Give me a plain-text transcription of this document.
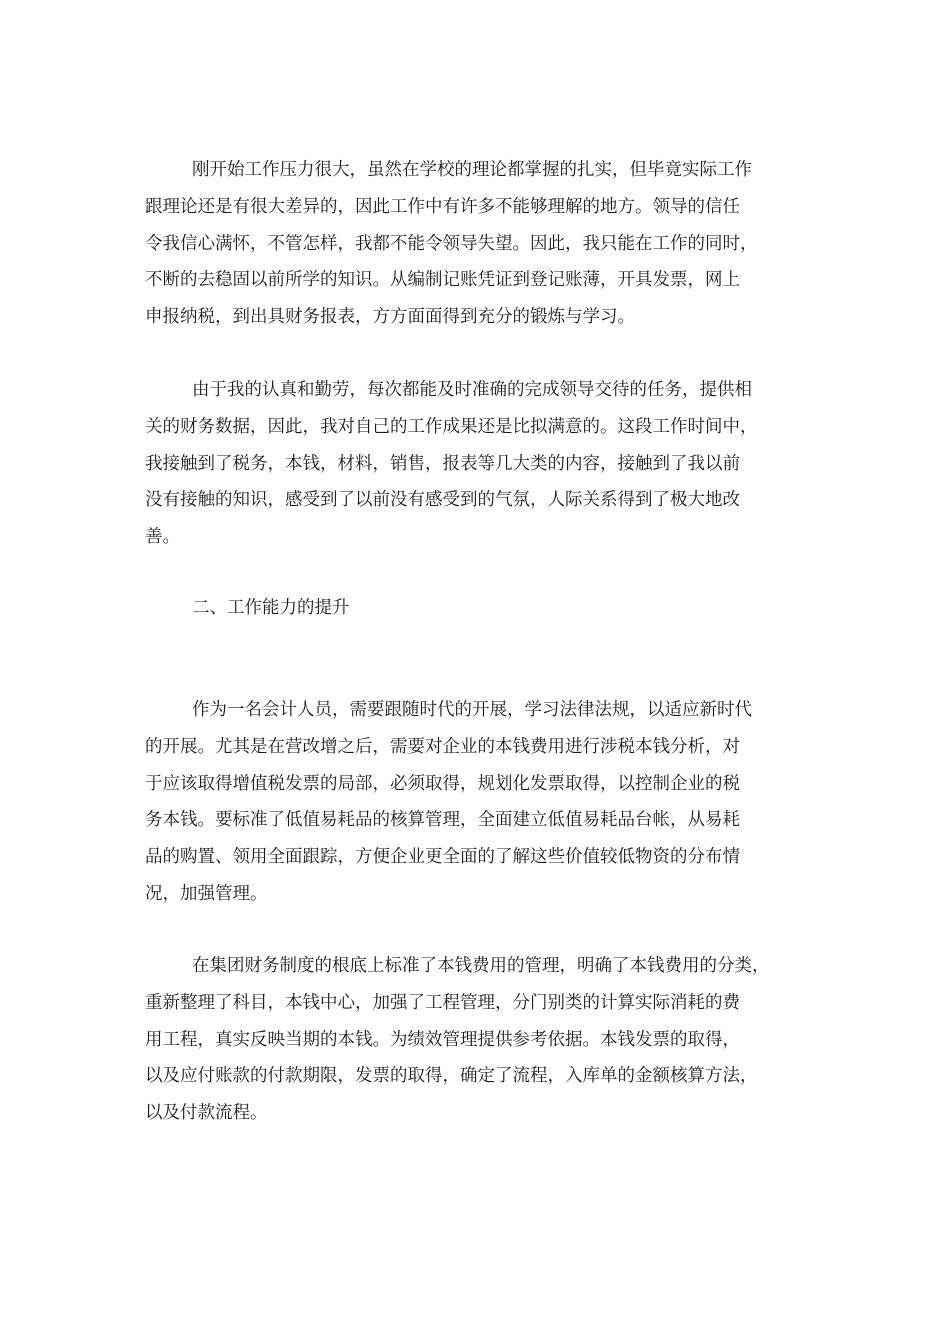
刚开始工作压力很大，虽然在学校的理论都掌握的扎实，但毕竟实际工作
跟理论还是有很大差异的，因此工作中有许多不能够理解的地方。领导的信任
令我信心满怀，不管怎样，我都不能令领导失望。因此，我只能在工作的同时，
不断的去稳固以前所学的知识。从编制记账凭证到登记账薄，开具发票，网上
申报纳税，到出具财务报表，方方面面得到充分的锻炼与学习。

由于我的认真和勤劳，每次都能及时准确的完成领导交待的任务，提供相
关的财务数据，因此，我对自己的工作成果还是比拟满意的。这段工作时间中，
我接触到了税务，本钱，材料，销售，报表等几大类的内容，接触到了我以前
没有接触的知识，感受到了以前没有感受到的气氛，人际关系得到了极大地改
善。

二、工作能力的提升

作为一名会计人员，需要跟随时代的开展，学习法律法规，以适应新时代
的开展。尤其是在营改增之后，需要对企业的本钱费用进行涉税本钱分析，对
于应该取得增值税发票的局部，必须取得，规划化发票取得，以控制企业的税
务本钱。要标准了低值易耗品的核算管理，全面建立低值易耗品台帐，从易耗
品的购置、领用全面跟踪，方便企业更全面的了解这些价值较低物资的分布情
况，加强管理。

在集团财务制度的根底上标准了本钱费用的管理，明确了本钱费用的分类，
重新整理了科目，本钱中心，加强了工程管理，分门别类的计算实际消耗的费
用工程，真实反映当期的本钱。为绩效管理提供参考依据。本钱发票的取得，
以及应付账款的付款期限，发票的取得，确定了流程，入库单的金额核算方法，
以及付款流程。
